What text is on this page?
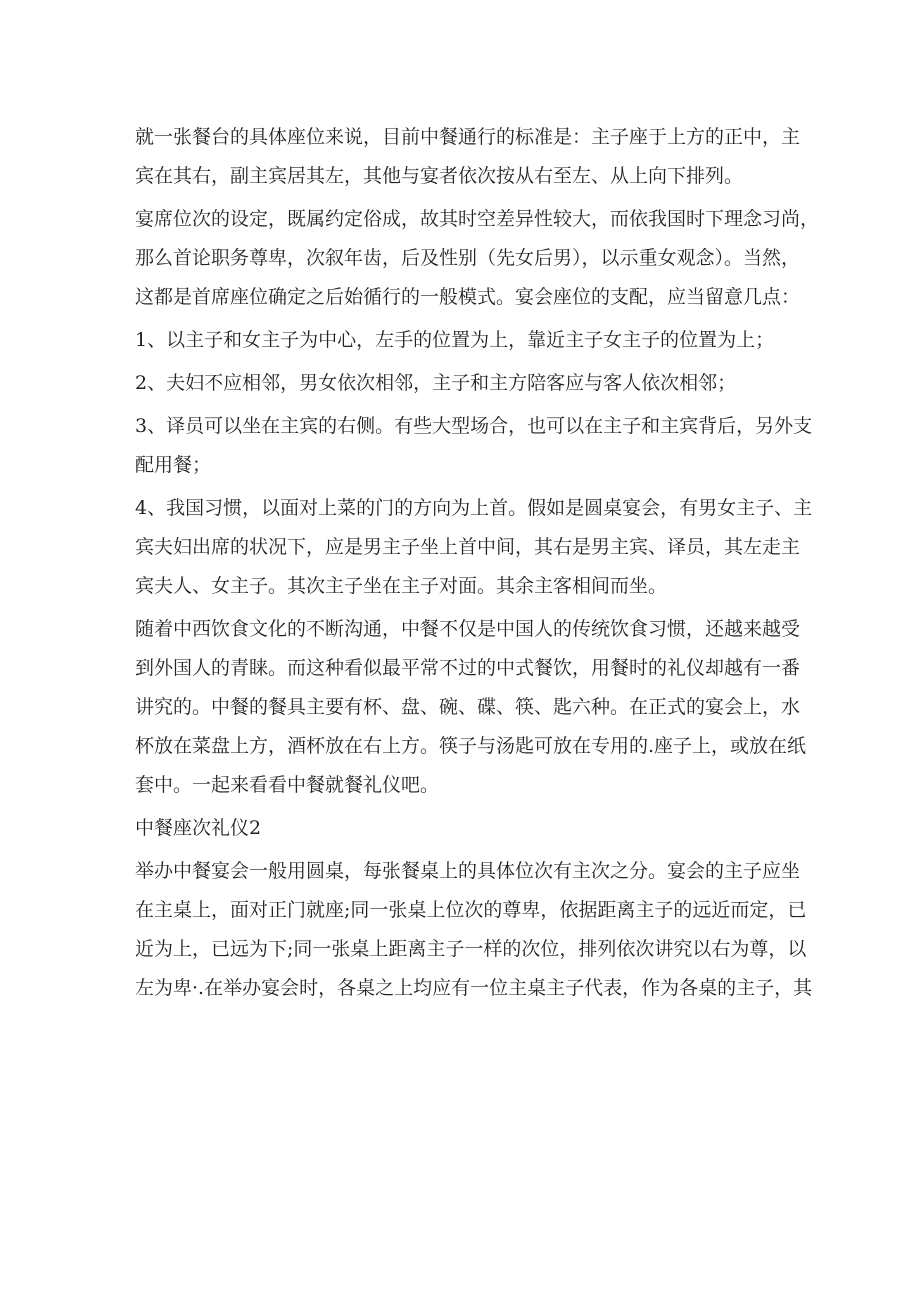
就一张餐台的具体座位来说，目前中餐通行的标准是：主子座于上方的正中，主
宾在其右，副主宾居其左，其他与宴者依次按从右至左、从上向下排列。
宴席位次的设定，既属约定俗成，故其时空差异性较大，而依我国时下理念习尚，
那么首论职务尊卑，次叙年齿，后及性别（先女后男），以示重女观念）。当然，
这都是首席座位确定之后始循行的一般模式。宴会座位的支配，应当留意几点：
1、以主子和女主子为中心，左手的位置为上，靠近主子女主子的位置为上；
2、夫妇不应相邻，男女依次相邻，主子和主方陪客应与客人依次相邻；
3、译员可以坐在主宾的右侧。有些大型场合，也可以在主子和主宾背后，另外支
配用餐；
4、我国习惯，以面对上菜的门的方向为上首。假如是圆桌宴会，有男女主子、主
宾夫妇出席的状况下，应是男主子坐上首中间，其右是男主宾、译员，其左走主
宾夫人、女主子。其次主子坐在主子对面。其余主客相间而坐。
随着中西饮食文化的不断沟通，中餐不仅是中国人的传统饮食习惯，还越来越受
到外国人的青睐。而这种看似最平常不过的中式餐饮，用餐时的礼仪却越有一番
讲究的。中餐的餐具主要有杯、盘、碗、碟、筷、匙六种。在正式的宴会上，水
杯放在菜盘上方，酒杯放在右上方。筷子与汤匙可放在专用的.座子上，或放在纸
套中。一起来看看中餐就餐礼仪吧。
中餐座次礼仪2
举办中餐宴会一般用圆桌，每张餐桌上的具体位次有主次之分。宴会的主子应坐
在主桌上，面对正门就座;同一张桌上位次的尊卑，依据距离主子的远近而定，已
近为上，已远为下;同一张桌上距离主子一样的次位，排列依次讲究以右为尊，以
左为卑·.在举办宴会时，各桌之上均应有一位主桌主子代表，作为各桌的主子，其
